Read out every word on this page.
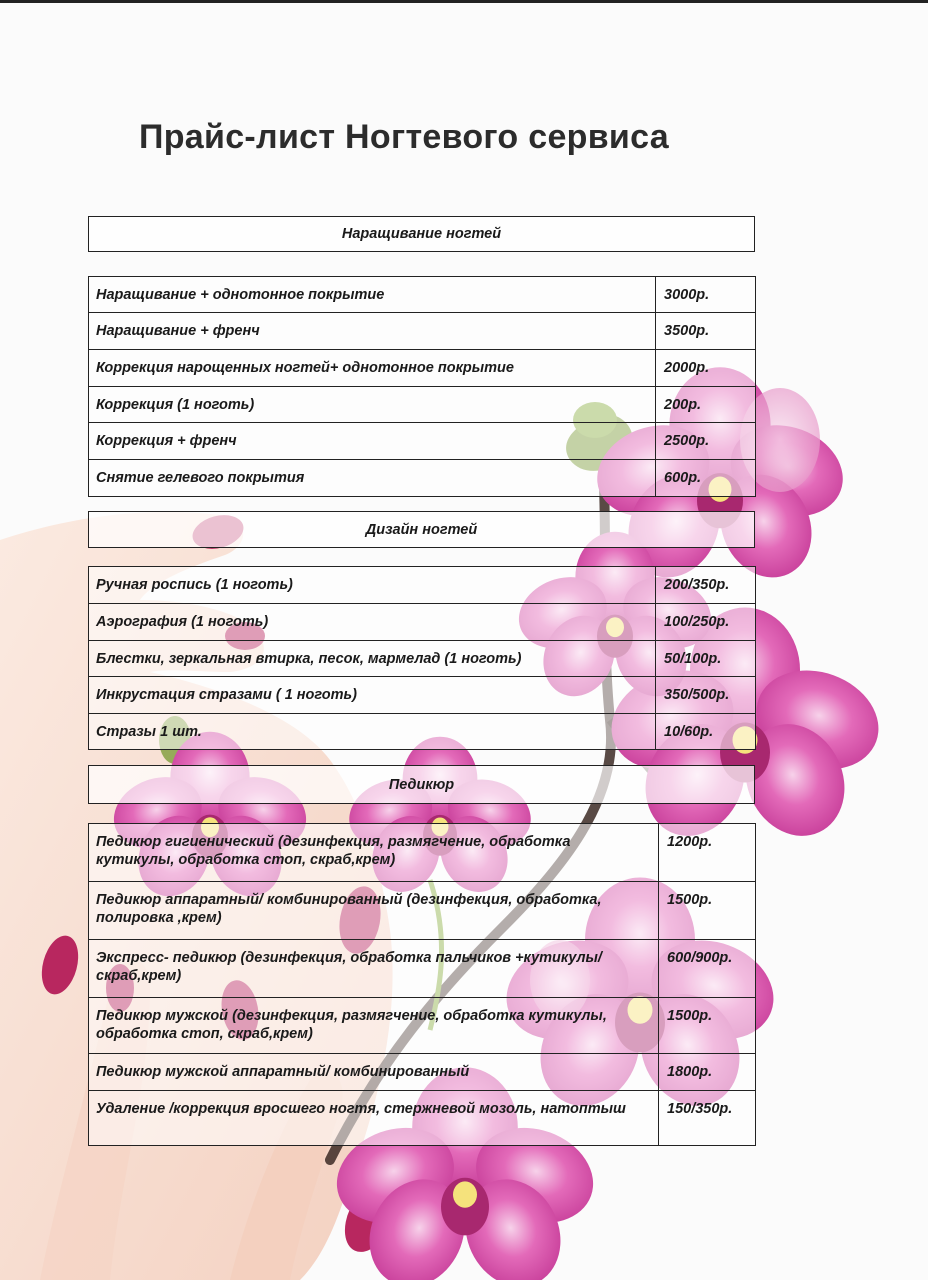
Прайс-лист Ногтевого сервиса
Наращивание ногтей
Наращивание + однотонное покрытие	3000р.
Наращивание + френч	3500р.
Коррекция нарощенных ногтей+ однотонное покрытие	2000р.
Коррекция (1 ноготь)	200р.
Коррекция + френч	2500р.
Снятие гелевого покрытия	600р.
Дизайн ногтей
Ручная роспись (1 ноготь)	200/350р.
Аэрография (1 ноготь)	100/250р.
Блестки, зеркальная втирка, песок, мармелад (1 ноготь)	50/100р.
Инкрустация стразами ( 1 ноготь)	350/500р.
Стразы 1 шт.	10/60р.
Педикюр
Педикюр гигиенический (дезинфекция, размягчение, обработка кутикулы, обработка стоп, скраб,крем)	1200р.
Педикюр аппаратный/ комбинированный (дезинфекция, обработка, полировка ,крем)	1500р.
Экспресс- педикюр (дезинфекция, обработка пальчиков +кутикулы/ скраб,крем)	600/900р.
Педикюр мужской (дезинфекция, размягчение, обработка кутикулы, обработка стоп, скраб,крем)	1500р.
Педикюр мужской аппаратный/ комбинированный	1800р.
Удаление /коррекция вросшего ногтя, стержневой мозоль, натоптыш	150/350р.
